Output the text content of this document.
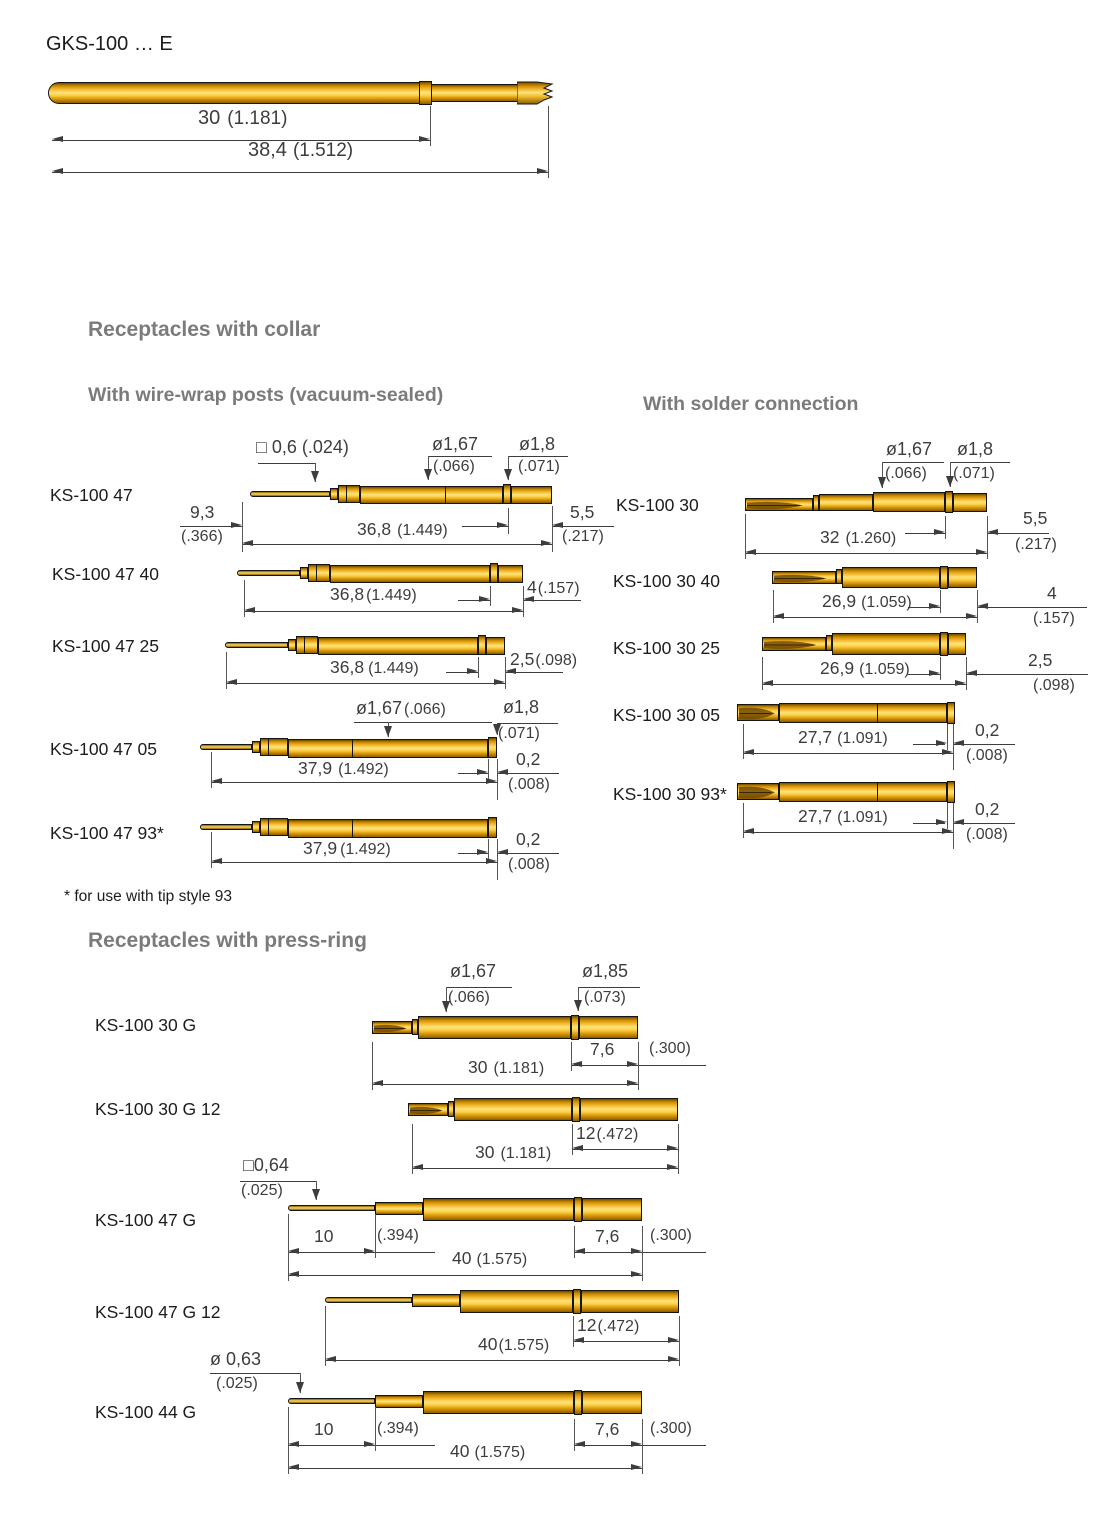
GKS-100 … E
30 (1.181)
38,4 (1.512)
Receptacles with collar
With wire-wrap posts (vacuum-sealed)	With solder connection
* for use with tip style 93
Receptacles with press-ring
KS-100 47
KS-100 47 40
KS-100 47 25
KS-100 47 05
KS-100 47 93*
□ 0,6 (.024)	ø1,67
(.066)
ø1,8
(.071)
9,3
(.366)	36,8 (1.449)
5,5
(.217)
36,8 (1.449)	4(.157)
36,8 (1.449)	2,5(.098)
ø1,67 (.066)	ø1,8
(.071)
37,9 (1.492)
0,2
(.008)
37,9 (1.492)
0,2
(.008)
KS-100 30
KS-100 30 40
KS-100 30 25
KS-100 30 05
KS-100 30 93*
ø1,67
(.066)
ø1,8
(.071)
32 (1.260)
5,5
(.217)
26,9 (1.059)	4
(.157)
26,9 (1.059)	2,5
(.098)
27,7 (1.091)	0,2
(.008)
27,7 (1.091)	0,2
(.008)
KS-100 30 G
KS-100 30 G 12
KS-100 47 G
KS-100 47 G 12
KS-100 44 G
ø1,67
(.066)
ø1,85
(.073)
7,6 (.300)
30 (1.181)
12(.472)
30 (1.181)
□0,64
(.025)
10	(.394)	7,6 (.300)
40 (1.575)
12(.472)
40(1.575)
ø 0,63
(.025)
10	(.394)	7,6 (.300)
40 (1.575)
